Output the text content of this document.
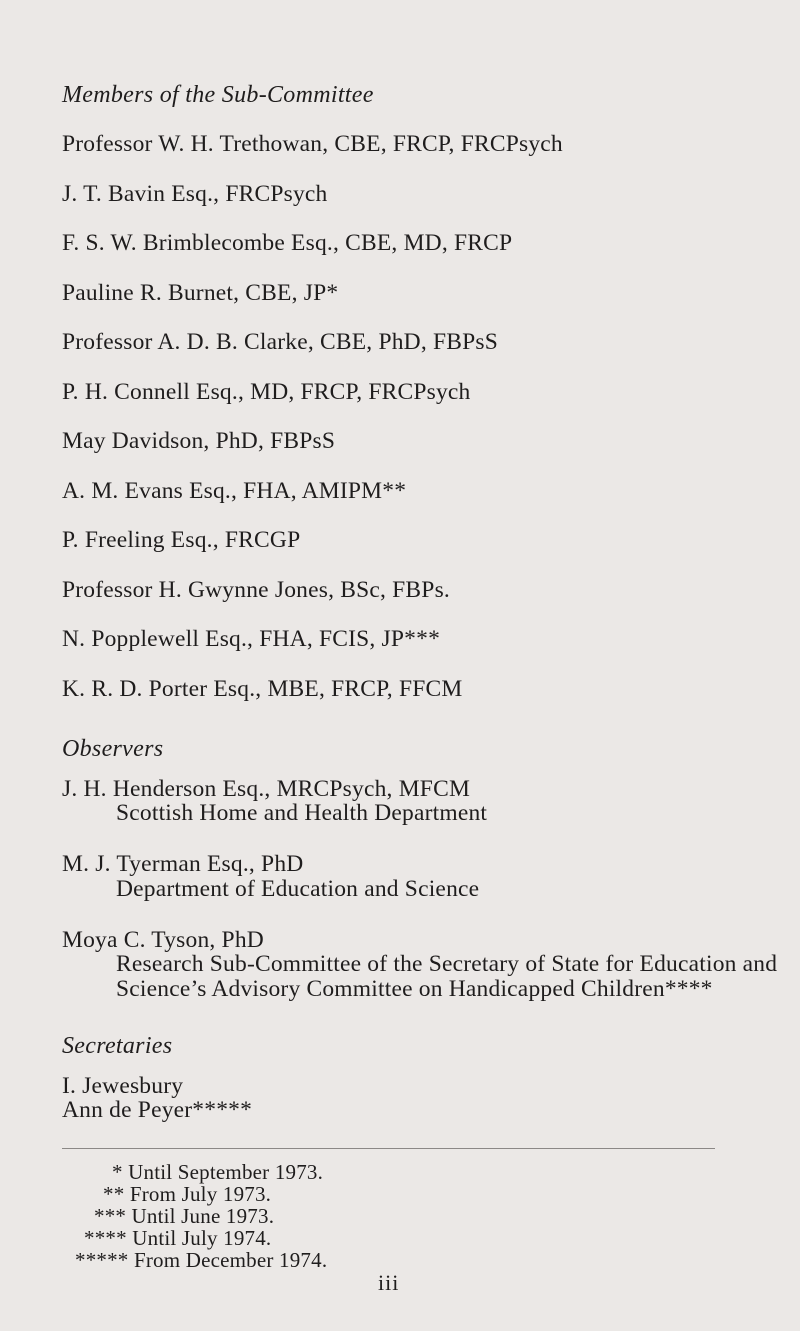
Members of the Sub-Committee
Professor W. H. Trethowan, CBE, FRCP, FRCPsych
J. T. Bavin Esq., FRCPsych
F. S. W. Brimblecombe Esq., CBE, MD, FRCP
Pauline R. Burnet, CBE, JP*
Professor A. D. B. Clarke, CBE, PhD, FBPsS
P. H. Connell Esq., MD, FRCP, FRCPsych
May Davidson, PhD, FBPsS
A. M. Evans Esq., FHA, AMIPM**
P. Freeling Esq., FRCGP
Professor H. Gwynne Jones, BSc, FBPs.
N. Popplewell Esq., FHA, FCIS, JP***
K. R. D. Porter Esq., MBE, FRCP, FFCM
Observers
J. H. Henderson Esq., MRCPsych, MFCM
Scottish Home and Health Department
M. J. Tyerman Esq., PhD
Department of Education and Science
Moya C. Tyson, PhD
Research Sub-Committee of the Secretary of State for Education and
Science’s Advisory Committee on Handicapped Children****
Secretaries
I. Jewesbury
Ann de Peyer*****
* Until September 1973.
** From July 1973.
*** Until June 1973.
**** Until July 1974.
***** From December 1974.
iii
